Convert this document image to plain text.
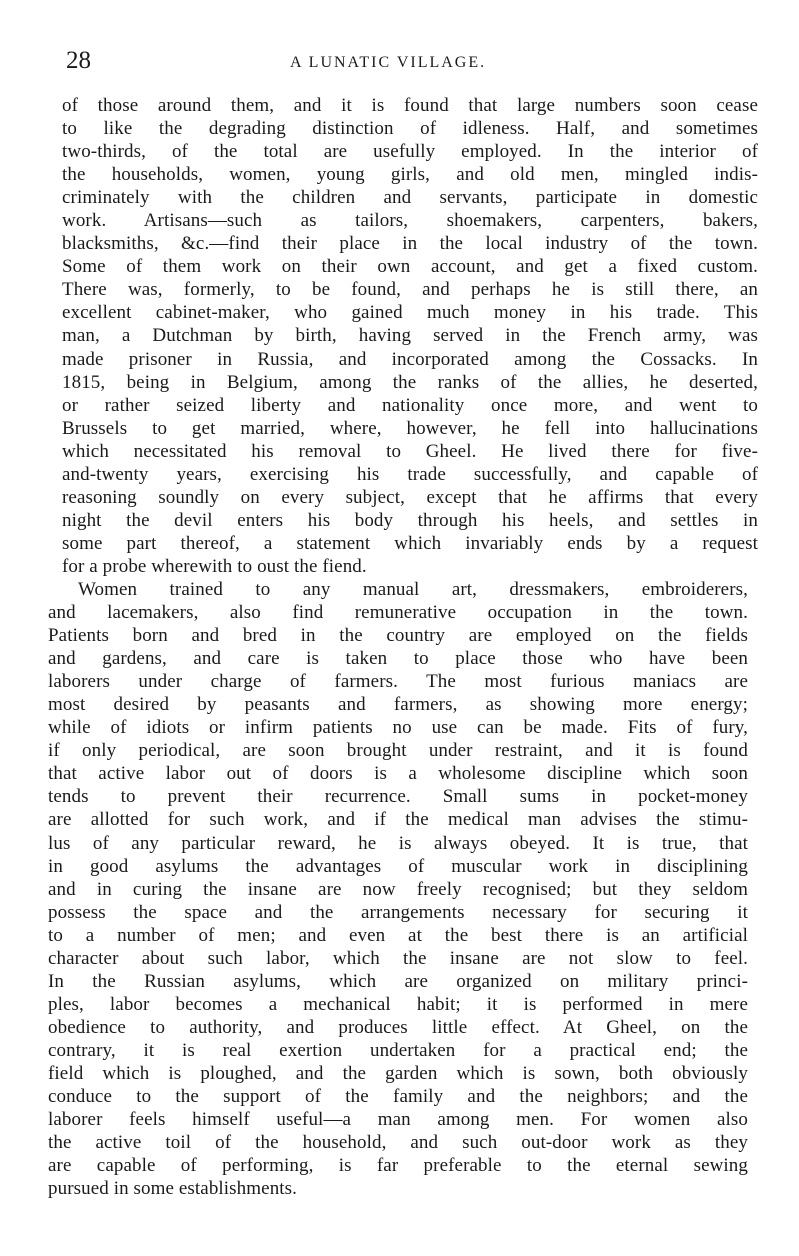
28	A LUNATIC VILLAGE.
of those around them, and it is found that large numbers soon cease
to like the degrading distinction of idleness. Half, and sometimes
two-thirds, of the total are usefully employed. In the interior of
the households, women, young girls, and old men, mingled indis-
criminately with the children and servants, participate in domestic
work. Artisans—such as tailors, shoemakers, carpenters, bakers,
blacksmiths, &c.—find their place in the local industry of the town.
Some of them work on their own account, and get a fixed custom.
There was, formerly, to be found, and perhaps he is still there, an
excellent cabinet-maker, who gained much money in his trade. This
man, a Dutchman by birth, having served in the French army, was
made prisoner in Russia, and incorporated among the Cossacks. In
1815, being in Belgium, among the ranks of the allies, he deserted,
or rather seized liberty and nationality once more, and went to
Brussels to get married, where, however, he fell into hallucinations
which necessitated his removal to Gheel. He lived there for five-
and-twenty years, exercising his trade successfully, and capable of
reasoning soundly on every subject, except that he affirms that every
night the devil enters his body through his heels, and settles in
some part thereof, a statement which invariably ends by a request
for a probe wherewith to oust the fiend.
Women trained to any manual art, dressmakers, embroiderers,
and lacemakers, also find remunerative occupation in the town.
Patients born and bred in the country are employed on the fields
and gardens, and care is taken to place those who have been
laborers under charge of farmers. The most furious maniacs are
most desired by peasants and farmers, as showing more energy;
while of idiots or infirm patients no use can be made. Fits of fury,
if only periodical, are soon brought under restraint, and it is found
that active labor out of doors is a wholesome discipline which soon
tends to prevent their recurrence. Small sums in pocket-money
are allotted for such work, and if the medical man advises the stimu-
lus of any particular reward, he is always obeyed. It is true, that
in good asylums the advantages of muscular work in disciplining
and in curing the insane are now freely recognised; but they seldom
possess the space and the arrangements necessary for securing it
to a number of men; and even at the best there is an artificial
character about such labor, which the insane are not slow to feel.
In the Russian asylums, which are organized on military princi-
ples, labor becomes a mechanical habit; it is performed in mere
obedience to authority, and produces little effect. At Gheel, on the
contrary, it is real exertion undertaken for a practical end; the
field which is ploughed, and the garden which is sown, both obviously
conduce to the support of the family and the neighbors; and the
laborer feels himself useful—a man among men. For women also
the active toil of the household, and such out-door work as they
are capable of performing, is far preferable to the eternal sewing
pursued in some establishments.
